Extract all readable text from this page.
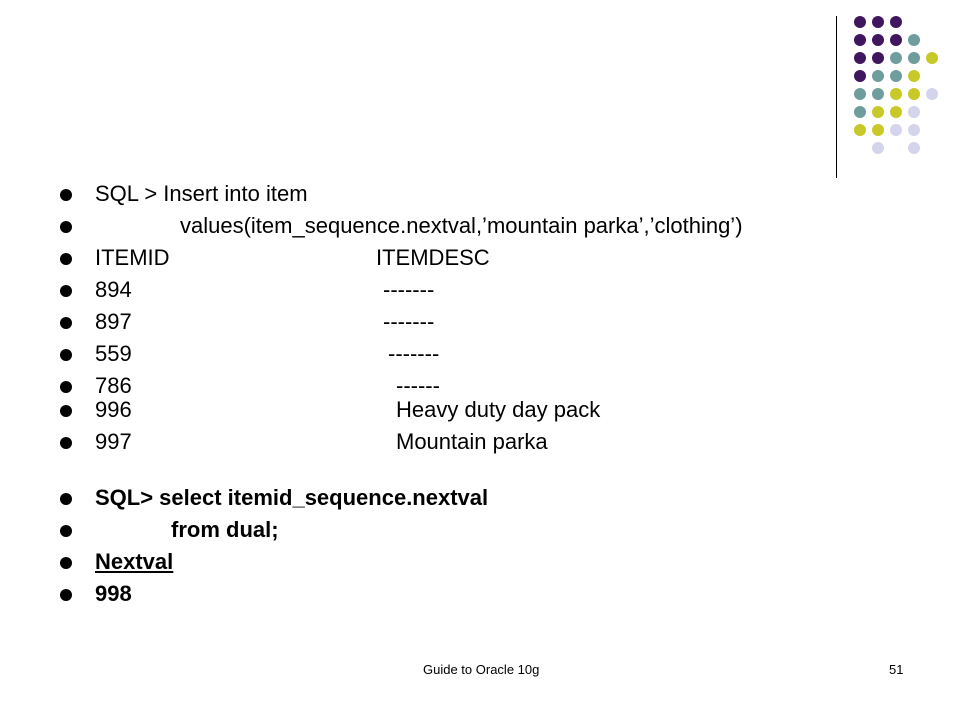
SQL > Insert into item
values(item_sequence.nextval,’mountain parka’,’clothing’)
ITEMID	ITEMDESC
894	-------
897	-------
559	-------
786	------
996	Heavy duty day pack
997	Mountain parka
SQL> select itemid_sequence.nextval
from dual;
Nextval
998
Guide to Oracle 10g	51
